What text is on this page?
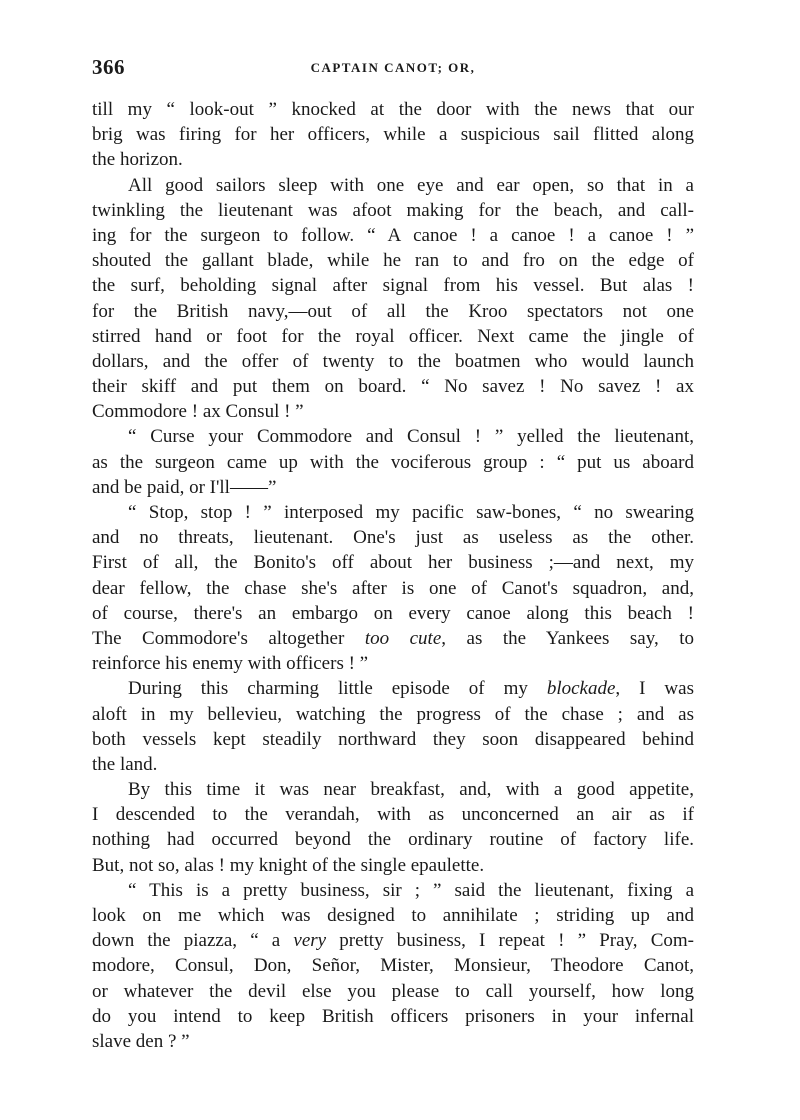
366	CAPTAIN CANOT; OR,
till my “ look-out ” knocked at the door with the news that our
brig was firing for her officers, while a suspicious sail flitted along
the horizon.
All good sailors sleep with one eye and ear open, so that in a
twinkling the lieutenant was afoot making for the beach, and call-
ing for the surgeon to follow. “ A canoe ! a canoe ! a canoe ! ”
shouted the gallant blade, while he ran to and fro on the edge of
the surf, beholding signal after signal from his vessel. But alas !
for the British navy,—out of all the Kroo spectators not one
stirred hand or foot for the royal officer. Next came the jingle of
dollars, and the offer of twenty to the boatmen who would launch
their skiff and put them on board. “ No savez ! No savez ! ax
Commodore ! ax Consul ! ”
“ Curse your Commodore and Consul ! ” yelled the lieutenant,
as the surgeon came up with the vociferous group : “ put us aboard
and be paid, or I'll——”
“ Stop, stop ! ” interposed my pacific saw-bones, “ no swearing
and no threats, lieutenant. One's just as useless as the other.
First of all, the Bonito's off about her business ;—and next, my
dear fellow, the chase she's after is one of Canot's squadron, and,
of course, there's an embargo on every canoe along this beach !
The Commodore's altogether too cute, as the Yankees say, to
reinforce his enemy with officers ! ”
During this charming little episode of my blockade, I was
aloft in my bellevieu, watching the progress of the chase ; and as
both vessels kept steadily northward they soon disappeared behind
the land.
By this time it was near breakfast, and, with a good appetite,
I descended to the verandah, with as unconcerned an air as if
nothing had occurred beyond the ordinary routine of factory life.
But, not so, alas ! my knight of the single epaulette.
“ This is a pretty business, sir ; ” said the lieutenant, fixing a
look on me which was designed to annihilate ; striding up and
down the piazza, “ a very pretty business, I repeat ! ” Pray, Com-
modore, Consul, Don, Señor, Mister, Monsieur, Theodore Canot,
or whatever the devil else you please to call yourself, how long
do you intend to keep British officers prisoners in your infernal
slave den ? ”
